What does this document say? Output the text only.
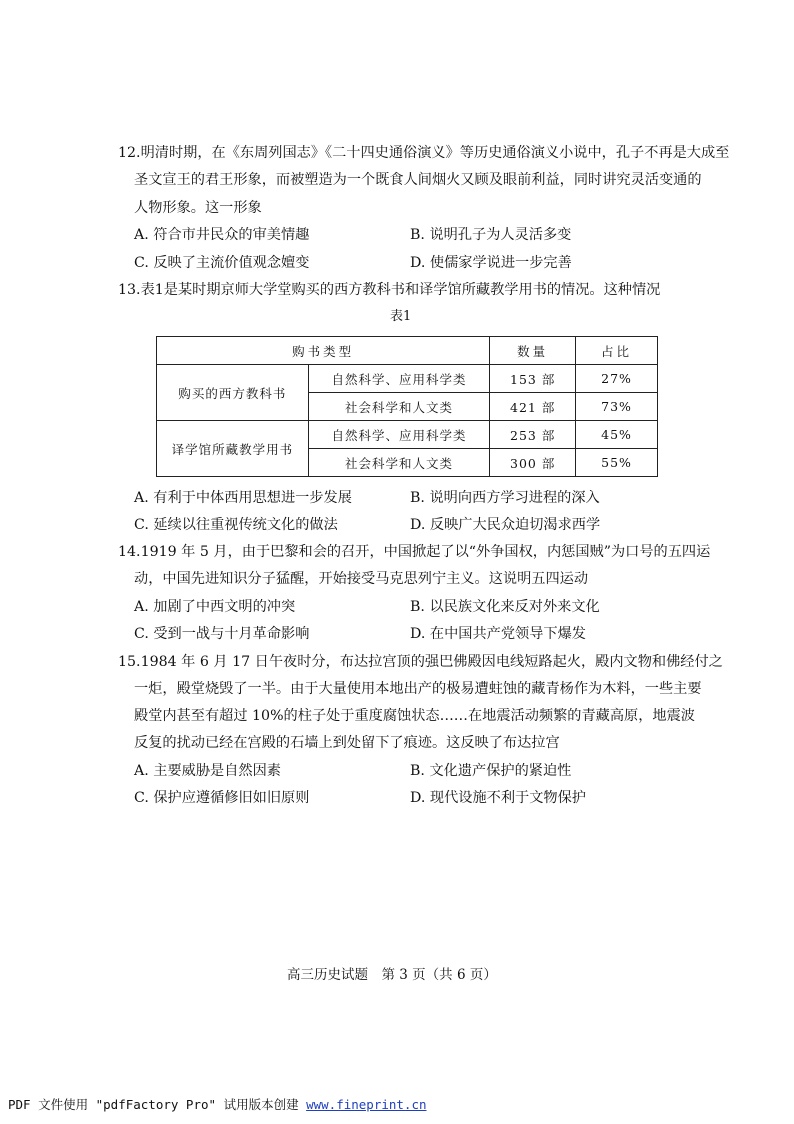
12.明清时期，在《东周列国志》《二十四史通俗演义》等历史通俗演义小说中，孔子不再是大成至
圣文宣王的君王形象，而被塑造为一个既食人间烟火又顾及眼前利益，同时讲究灵活变通的
人物形象。这一形象
A. 符合市井民众的审美情趣	B. 说明孔子为人灵活多变
C. 反映了主流价值观念嬗变	D. 使儒家学说进一步完善
13.表1是某时期京师大学堂购买的西方教科书和译学馆所藏教学用书的情况。这种情况
表1
购书类型		数量	占比
购买的西方教科书	自然科学、应用科学类	153 部	27%
	社会科学和人文类	421 部	73%
译学馆所藏教学用书	自然科学、应用科学类	253 部	45%
	社会科学和人文类	300 部	55%
A. 有利于中体西用思想进一步发展	B. 说明向西方学习进程的深入
C. 延续以往重视传统文化的做法	D. 反映广大民众迫切渴求西学
14.1919 年 5 月，由于巴黎和会的召开，中国掀起了以“外争国权，内惩国贼”为口号的五四运
动，中国先进知识分子猛醒，开始接受马克思列宁主义。这说明五四运动
A. 加剧了中西文明的冲突	B. 以民族文化来反对外来文化
C. 受到一战与十月革命影响	D. 在中国共产党领导下爆发
15.1984 年 6 月 17 日午夜时分，布达拉宫顶的强巴佛殿因电线短路起火，殿内文物和佛经付之
一炬，殿堂烧毁了一半。由于大量使用本地出产的极易遭蛀蚀的藏青杨作为木料，一些主要
殿堂内甚至有超过 10%的柱子处于重度腐蚀状态……在地震活动频繁的青藏高原，地震波
反复的扰动已经在宫殿的石墙上到处留下了痕迹。这反映了布达拉宫
A. 主要威胁是自然因素	B. 文化遗产保护的紧迫性
C. 保护应遵循修旧如旧原则	D. 现代设施不利于文物保护
高三历史试题　第 3 页（共 6 页）
PDF 文件使用 "pdfFactory Pro" 试用版本创建 www.fineprint.cn
